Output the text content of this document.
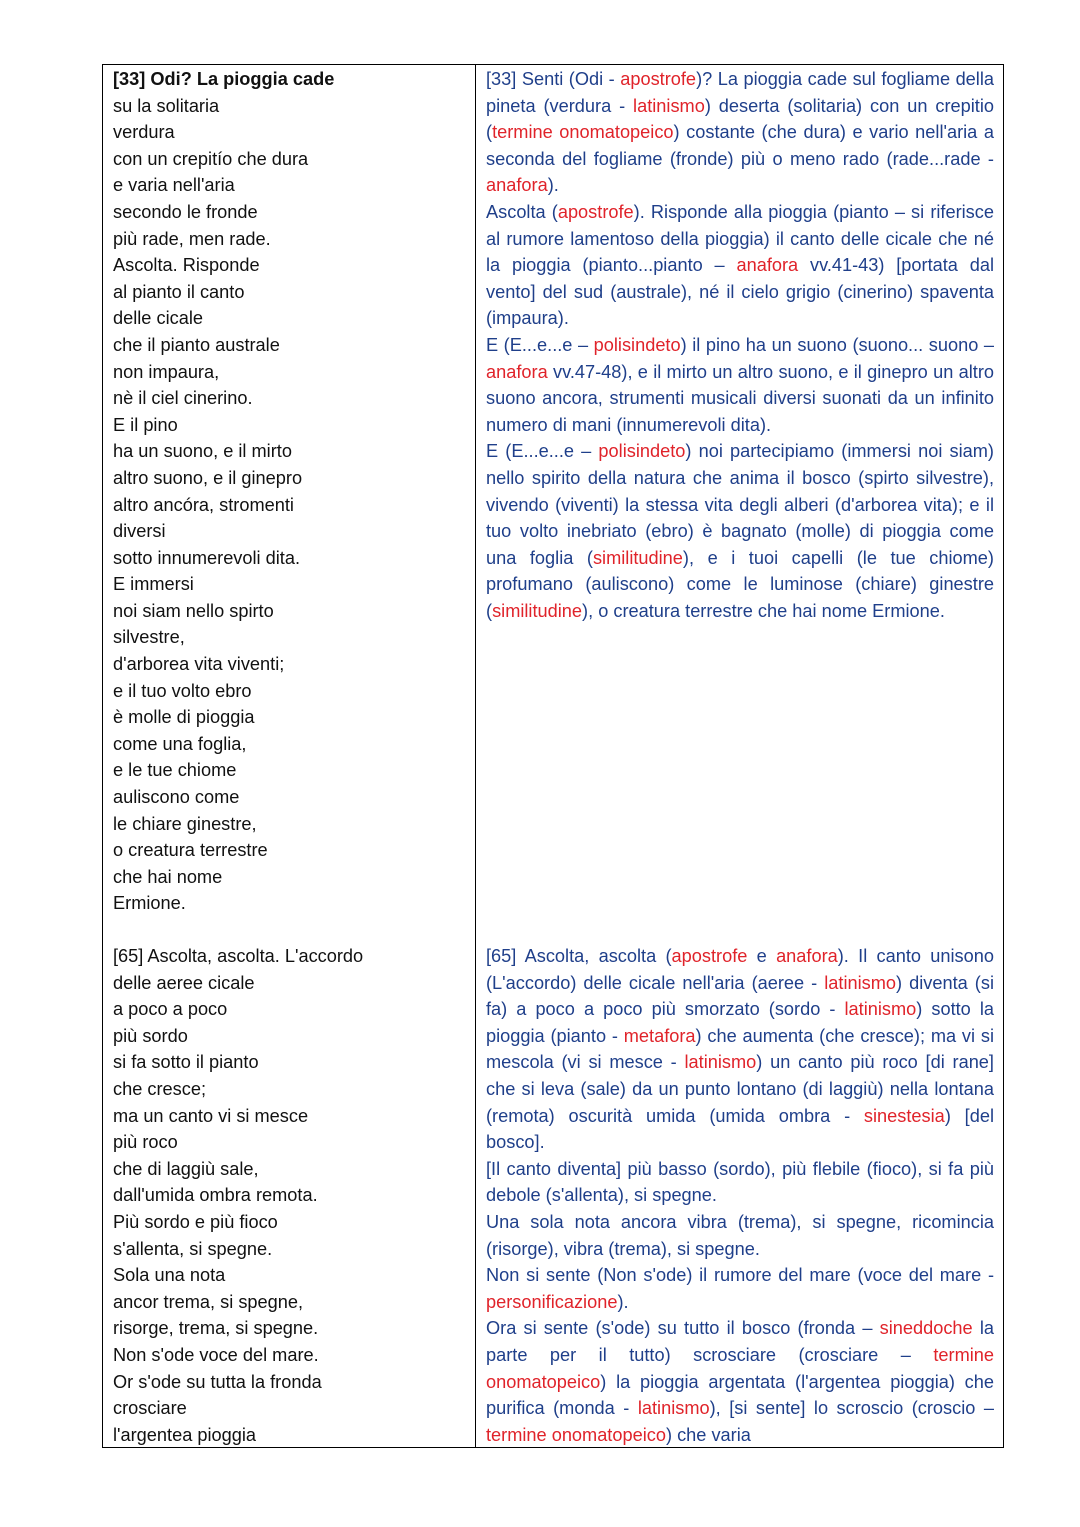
[33] Odi? La pioggia cade

su la solitaria

verdura

con un crepitío che dura

e varia nell'aria

secondo le fronde

più rade, men rade.

Ascolta. Risponde

al pianto il canto

delle cicale

che il pianto australe

non impaura,

nè il ciel cinerino.

E il pino

ha un suono, e il mirto

altro suono, e il ginepro

altro ancóra, stromenti

diversi

sotto innumerevoli dita.

E immersi

noi siam nello spirto

silvestre,

d'arborea vita viventi;

e il tuo volto ebro

è molle di pioggia

come una foglia,

e le tue chiome

auliscono come

le chiare ginestre,

o creatura terrestre

che hai nome

Ermione.

[33] Senti (Odi - apostrofe)? La pioggia cade sul fogliame della pineta (verdura - latinismo) deserta (solitaria) con un crepitio (termine onomatopeico) costante (che dura) e vario nell'aria a seconda del fogliame (fronde) più o meno rado (rade...rade - anafora).

Ascolta (apostrofe). Risponde alla pioggia (pianto – si riferisce al rumore lamentoso della pioggia) il canto delle cicale che né la pioggia (pianto...pianto – anafora vv.41-43) [portata dal vento] del sud (australe), né il cielo grigio (cinerino) spaventa (impaura).

E (E...e...e – polisindeto) il pino ha un suono (suono... suono – anafora vv.47-48), e il mirto un altro suono, e il ginepro un altro suono ancora, strumenti musicali diversi suonati da un infinito numero di mani (innumerevoli dita).

E (E...e...e – polisindeto) noi partecipiamo (immersi noi siam) nello spirito della natura che anima il bosco (spirto silvestre), vivendo (viventi) la stessa vita degli alberi (d'arborea vita); e il tuo volto inebriato (ebro) è bagnato (molle) di pioggia come una foglia (similitudine), e i tuoi capelli (le tue chiome) profumano (auliscono) come le luminose (chiare) ginestre (similitudine), o creatura terrestre che hai nome Ermione.

[65] Ascolta, ascolta. L'accordo

delle aeree cicale

a poco a poco

più sordo

si fa sotto il pianto

che cresce;

ma un canto vi si mesce

più roco

che di laggiù sale,

dall'umida ombra remota.

Più sordo e più fioco

s'allenta, si spegne.

Sola una nota

ancor trema, si spegne,

risorge, trema, si spegne.

Non s'ode voce del mare.

Or s'ode su tutta la fronda

crosciare

l'argentea pioggia

[65] Ascolta, ascolta (apostrofe e anafora). Il canto unisono (L'accordo) delle cicale nell'aria (aeree - latinismo) diventa (si fa) a poco a poco più smorzato (sordo - latinismo) sotto la pioggia (pianto - metafora) che aumenta (che cresce); ma vi si mescola (vi si mesce - latinismo) un canto più roco [di rane] che si leva (sale) da un punto lontano (di laggiù) nella lontana (remota) oscurità umida (umida ombra - sinestesia) [del bosco].

[Il canto diventa] più basso (sordo), più flebile (fioco), si fa più debole (s'allenta), si spegne.

Una sola nota ancora vibra (trema), si spegne, ricomincia (risorge), vibra (trema), si spegne.

Non si sente (Non s'ode) il rumore del mare (voce del mare - personificazione).

Ora si sente (s'ode) su tutto il bosco (fronda – sineddoche la parte per il tutto) scrosciare (crosciare – termine onomatopeico) la pioggia argentata (l'argentea pioggia) che purifica (monda - latinismo), [si sente] lo scroscio (croscio – termine onomatopeico) che varia
